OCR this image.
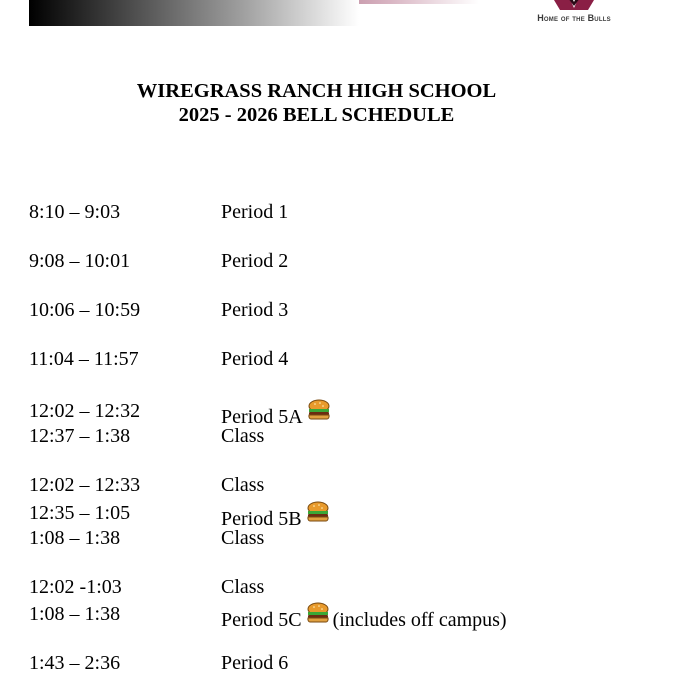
Home of the Bulls
WIREGRASS RANCH HIGH SCHOOL
2025 - 2026 BELL SCHEDULE
8:10 – 9:03	Period 1
9:08 – 10:01	Period 2
10:06 – 10:59	Period 3
11:04 – 11:57	Period 4
12:02 – 12:32	Period 5A
12:37 – 1:38	Class
12:02 – 12:33	Class
12:35 – 1:05	Period 5B
1:08 – 1:38	Class
12:02 -1:03	Class
1:08 – 1:38	Period 5C (includes off campus)
1:43 – 2:36	Period 6
